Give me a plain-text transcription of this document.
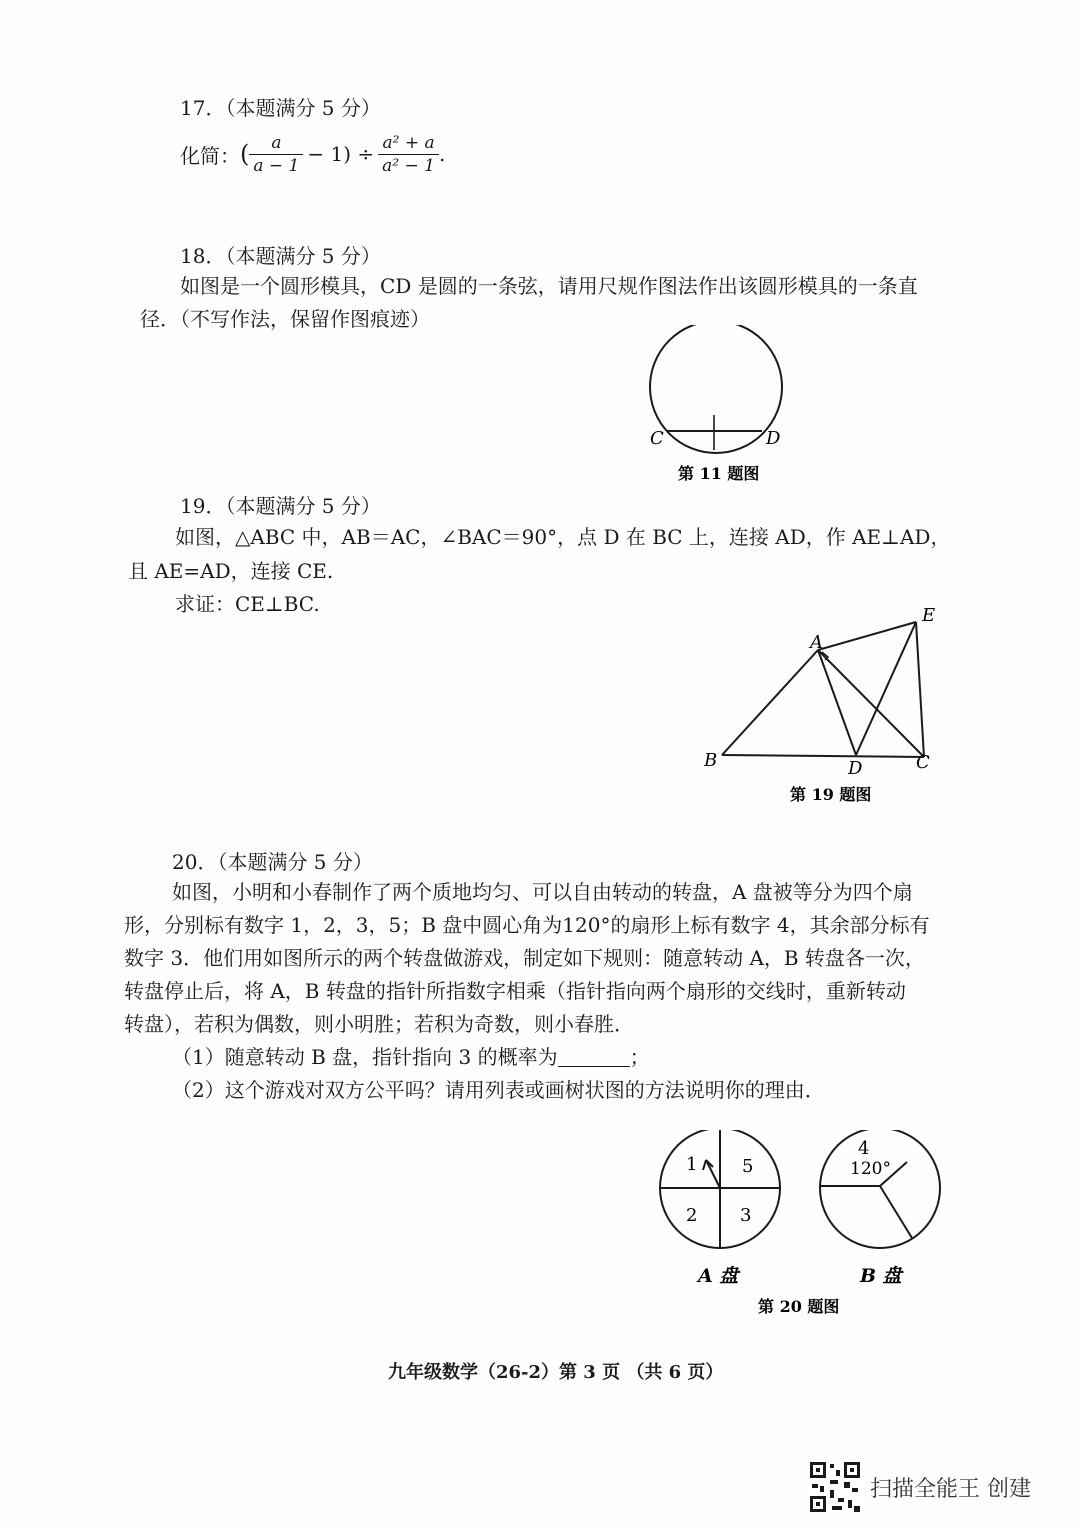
17．（本题满分 5 分）
化简： ( $\frac{a}{a - 1} - 1) \div \frac{\text{a² + a}}{\text{a² − 1}}$ .
18．（本题满分 5 分）
如图是一个圆形模具，CD 是圆的一条弦，请用尺规作图法作出该圆形模具的一条直
径．（不写作法，保留作图痕迹）
C	D
第 11 题图
19．（本题满分 5 分）
如图，△ABC 中，AB＝AC，∠BAC＝90°，点 D 在 BC 上，连接 AD，作 AE⊥AD，
且 AE=AD，连接 CE.
求证：CE⊥BC.
A
B	C
D
E
第 19 题图
20．（本题满分 5 分）
如图，小明和小春制作了两个质地均匀、可以自由转动的转盘，A 盘被等分为四个扇
形，分别标有数字 1，2，3，5；B 盘中圆心角为120°的扇形上标有数字 4，其余部分标有
数字 3．他们用如图所示的两个转盘做游戏，制定如下规则：随意转动 A，B 转盘各一次，
转盘停止后，将 A，B 转盘的指针所指数字相乘（指针指向两个扇形的交线时，重新转动
转盘），若积为偶数，则小明胜；若积为奇数，则小春胜．
（1）随意转动 B 盘，指针指向 3 的概率为	；
（2）这个游戏对双方公平吗？请用列表或画树状图的方法说明你的理由．
1 5
2 3
A 盘
4
120°
B 盘
第 20 题图
九年级数学（26-2）第 3 页 （共 6 页）
扫描全能王 创建
